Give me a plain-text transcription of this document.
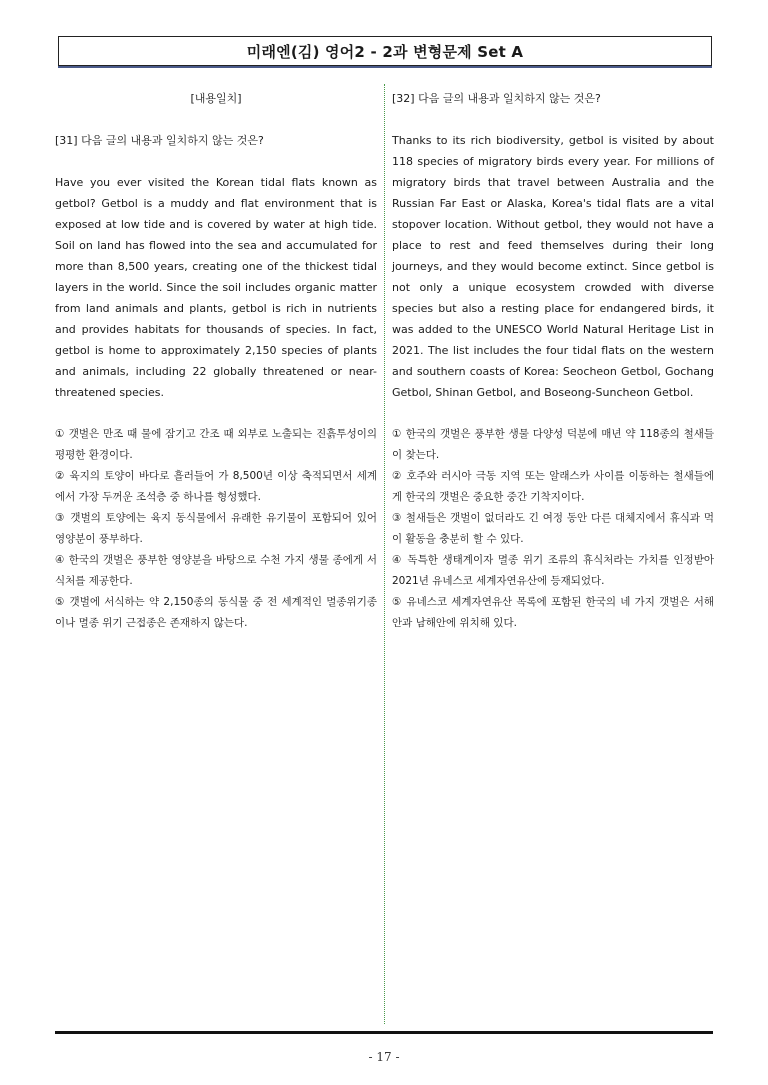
미래엔(김) 영어2 - 2과 변형문제 Set A

[내용일치]

[31] 다음 글의 내용과 일치하지 않는 것은?

Have you ever visited the Korean tidal flats known as getbol? Getbol is a muddy and flat environment that is exposed at low tide and is covered by water at high tide. Soil on land has flowed into the sea and accumulated for more than 8,500 years, creating one of the thickest tidal layers in the world. Since the soil includes organic matter from land animals and plants, getbol is rich in nutrients and provides habitats for thousands of species. In fact, getbol is home to approximately 2,150 species of plants and animals, including 22 globally threatened or near-threatened species.

① 갯벌은 만조 때 물에 잠기고 간조 때 외부로 노출되는 진흙투성이의 평평한 환경이다.
② 육지의 토양이 바다로 흘러들어 가 8,500년 이상 축적되면서 세계에서 가장 두꺼운 조석층 중 하나를 형성했다.
③ 갯벌의 토양에는 육지 동식물에서 유래한 유기물이 포함되어 있어 영양분이 풍부하다.
④ 한국의 갯벌은 풍부한 영양분을 바탕으로 수천 가지 생물 종에게 서식처를 제공한다.
⑤ 갯벌에 서식하는 약 2,150종의 동식물 중 전 세계적인 멸종위기종이나 멸종 위기 근접종은 존재하지 않는다.

[32] 다음 글의 내용과 일치하지 않는 것은?

Thanks to its rich biodiversity, getbol is visited by about 118 species of migratory birds every year. For millions of migratory birds that travel between Australia and the Russian Far East or Alaska, Korea's tidal flats are a vital stopover location. Without getbol, they would not have a place to rest and feed themselves during their long journeys, and they would become extinct. Since getbol is not only a unique ecosystem crowded with diverse species but also a resting place for endangered birds, it was added to the UNESCO World Natural Heritage List in 2021. The list includes the four tidal flats on the western and southern coasts of Korea: Seocheon Getbol, Gochang Getbol, Shinan Getbol, and Boseong-Suncheon Getbol.

① 한국의 갯벌은 풍부한 생물 다양성 덕분에 매년 약 118종의 철새들이 찾는다.
② 호주와 러시아 극동 지역 또는 알래스카 사이를 이동하는 철새들에게 한국의 갯벌은 중요한 중간 기착지이다.
③ 철새들은 갯벌이 없더라도 긴 여정 동안 다른 대체지에서 휴식과 먹이 활동을 충분히 할 수 있다.
④ 독특한 생태계이자 멸종 위기 조류의 휴식처라는 가치를 인정받아 2021년 유네스코 세계자연유산에 등재되었다.
⑤ 유네스코 세계자연유산 목록에 포함된 한국의 네 가지 갯벌은 서해안과 남해안에 위치해 있다.
- 17 -
